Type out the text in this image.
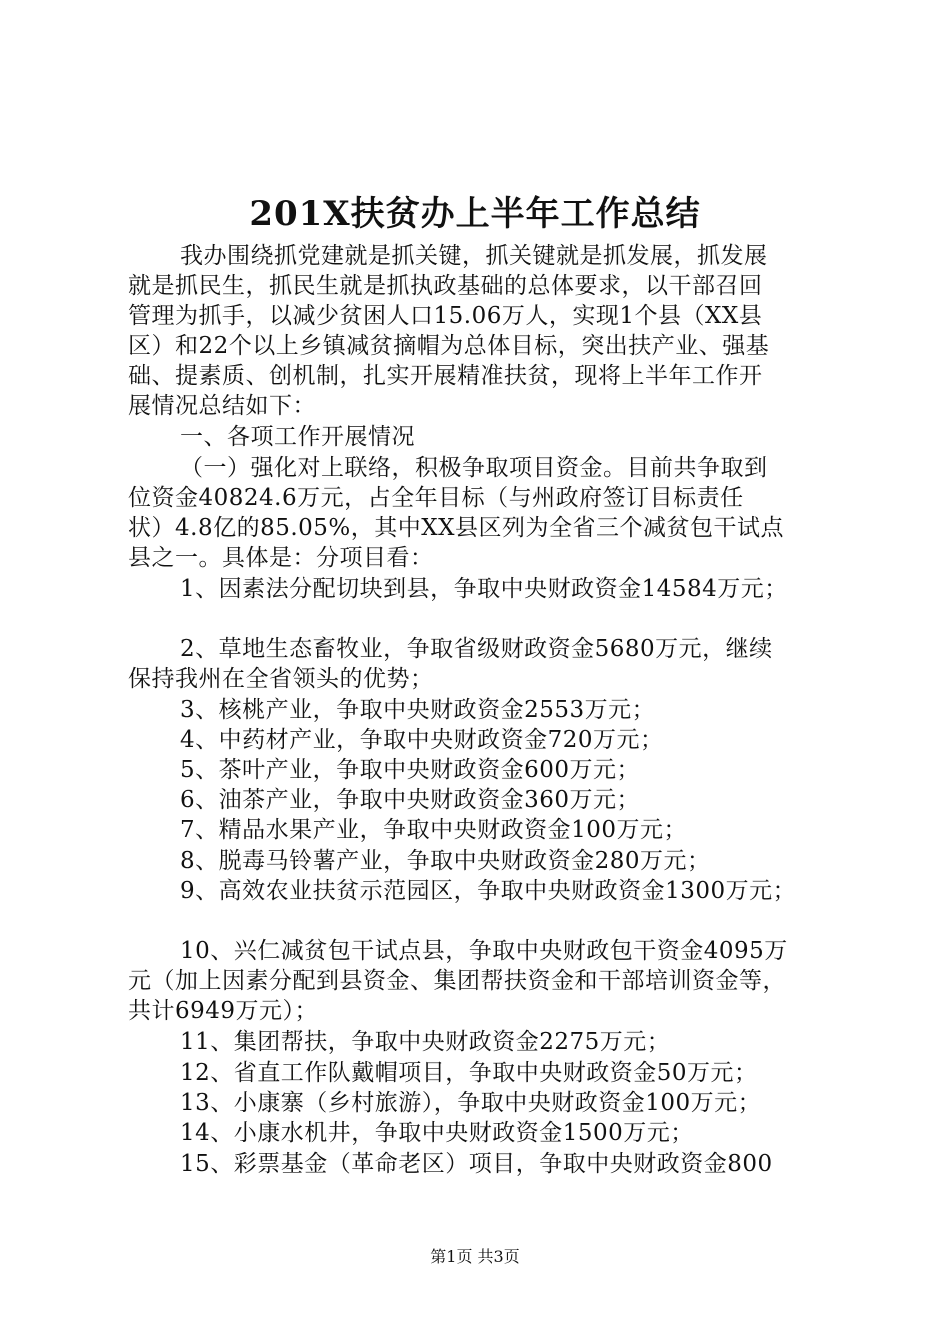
201X扶贫办上半年工作总结

我办围绕抓党建就是抓关键，抓关键就是抓发展，抓发展

就是抓民生，抓民生就是抓执政基础的总体要求，以干部召回

管理为抓手，以减少贫困人口15.06万人，实现1个县（XX县

区）和22个以上乡镇减贫摘帽为总体目标，突出扶产业、强基

础、提素质、创机制，扎实开展精准扶贫，现将上半年工作开

展情况总结如下：

一、各项工作开展情况

（一）强化对上联络，积极争取项目资金。目前共争取到

位资金40824.6万元，占全年目标（与州政府签订目标责任

状）4.8亿的85.05%，其中XX县区列为全省三个减贫包干试点

县之一。具体是：分项目看：

1、因素法分配切块到县，争取中央财政资金14584万元；

2、草地生态畜牧业，争取省级财政资金5680万元，继续

保持我州在全省领头的优势；

3、核桃产业，争取中央财政资金2553万元；

4、中药材产业，争取中央财政资金720万元；

5、茶叶产业，争取中央财政资金600万元；

6、油茶产业，争取中央财政资金360万元；

7、精品水果产业，争取中央财政资金100万元；

8、脱毒马铃薯产业，争取中央财政资金280万元；

9、高效农业扶贫示范园区，争取中央财政资金1300万元；

10、兴仁减贫包干试点县，争取中央财政包干资金4095万

元（加上因素分配到县资金、集团帮扶资金和干部培训资金等，

共计6949万元）；

11、集团帮扶，争取中央财政资金2275万元；

12、省直工作队戴帽项目，争取中央财政资金50万元；

13、小康寨（乡村旅游），争取中央财政资金100万元；

14、小康水机井，争取中央财政资金1500万元；

15、彩票基金（革命老区）项目，争取中央财政资金800

第1页 共3页
